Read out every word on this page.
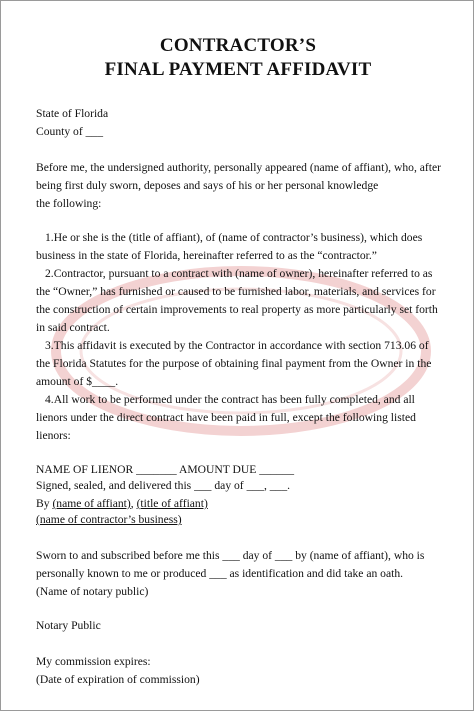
CONTRACTOR’S
FINAL PAYMENT AFFIDAVIT
State of Florida
County of ___
Before me, the undersigned authority, personally appeared (name of affiant), who, after
being first duly sworn, deposes and says of his or her personal knowledge
the following:
1.He or she is the (title of affiant), of (name of contractor’s business), which does
business in the state of Florida, hereinafter referred to as the “contractor.”
2.Contractor, pursuant to a contract with (name of owner), hereinafter referred to as
the “Owner,” has furnished or caused to be furnished labor, materials, and services for
the construction of certain improvements to real property as more particularly set forth
in said contract.
3.This affidavit is executed by the Contractor in accordance with section 713.06 of
the Florida Statutes for the purpose of obtaining final payment from the Owner in the
amount of $____.
4.All work to be performed under the contract has been fully completed, and all
lienors under the direct contract have been paid in full, except the following listed
lienors:
NAME OF LIENOR _______ AMOUNT DUE ______
Signed, sealed, and delivered this ___ day of ___, ___.
By (name of affiant), (title of affiant)
(name of contractor’s business)
Sworn to and subscribed before me this ___ day of ___ by (name of affiant), who is
personally known to me or produced ___ as identification and did take an oath.
(Name of notary public)
Notary Public
My commission expires:
(Date of expiration of commission)
